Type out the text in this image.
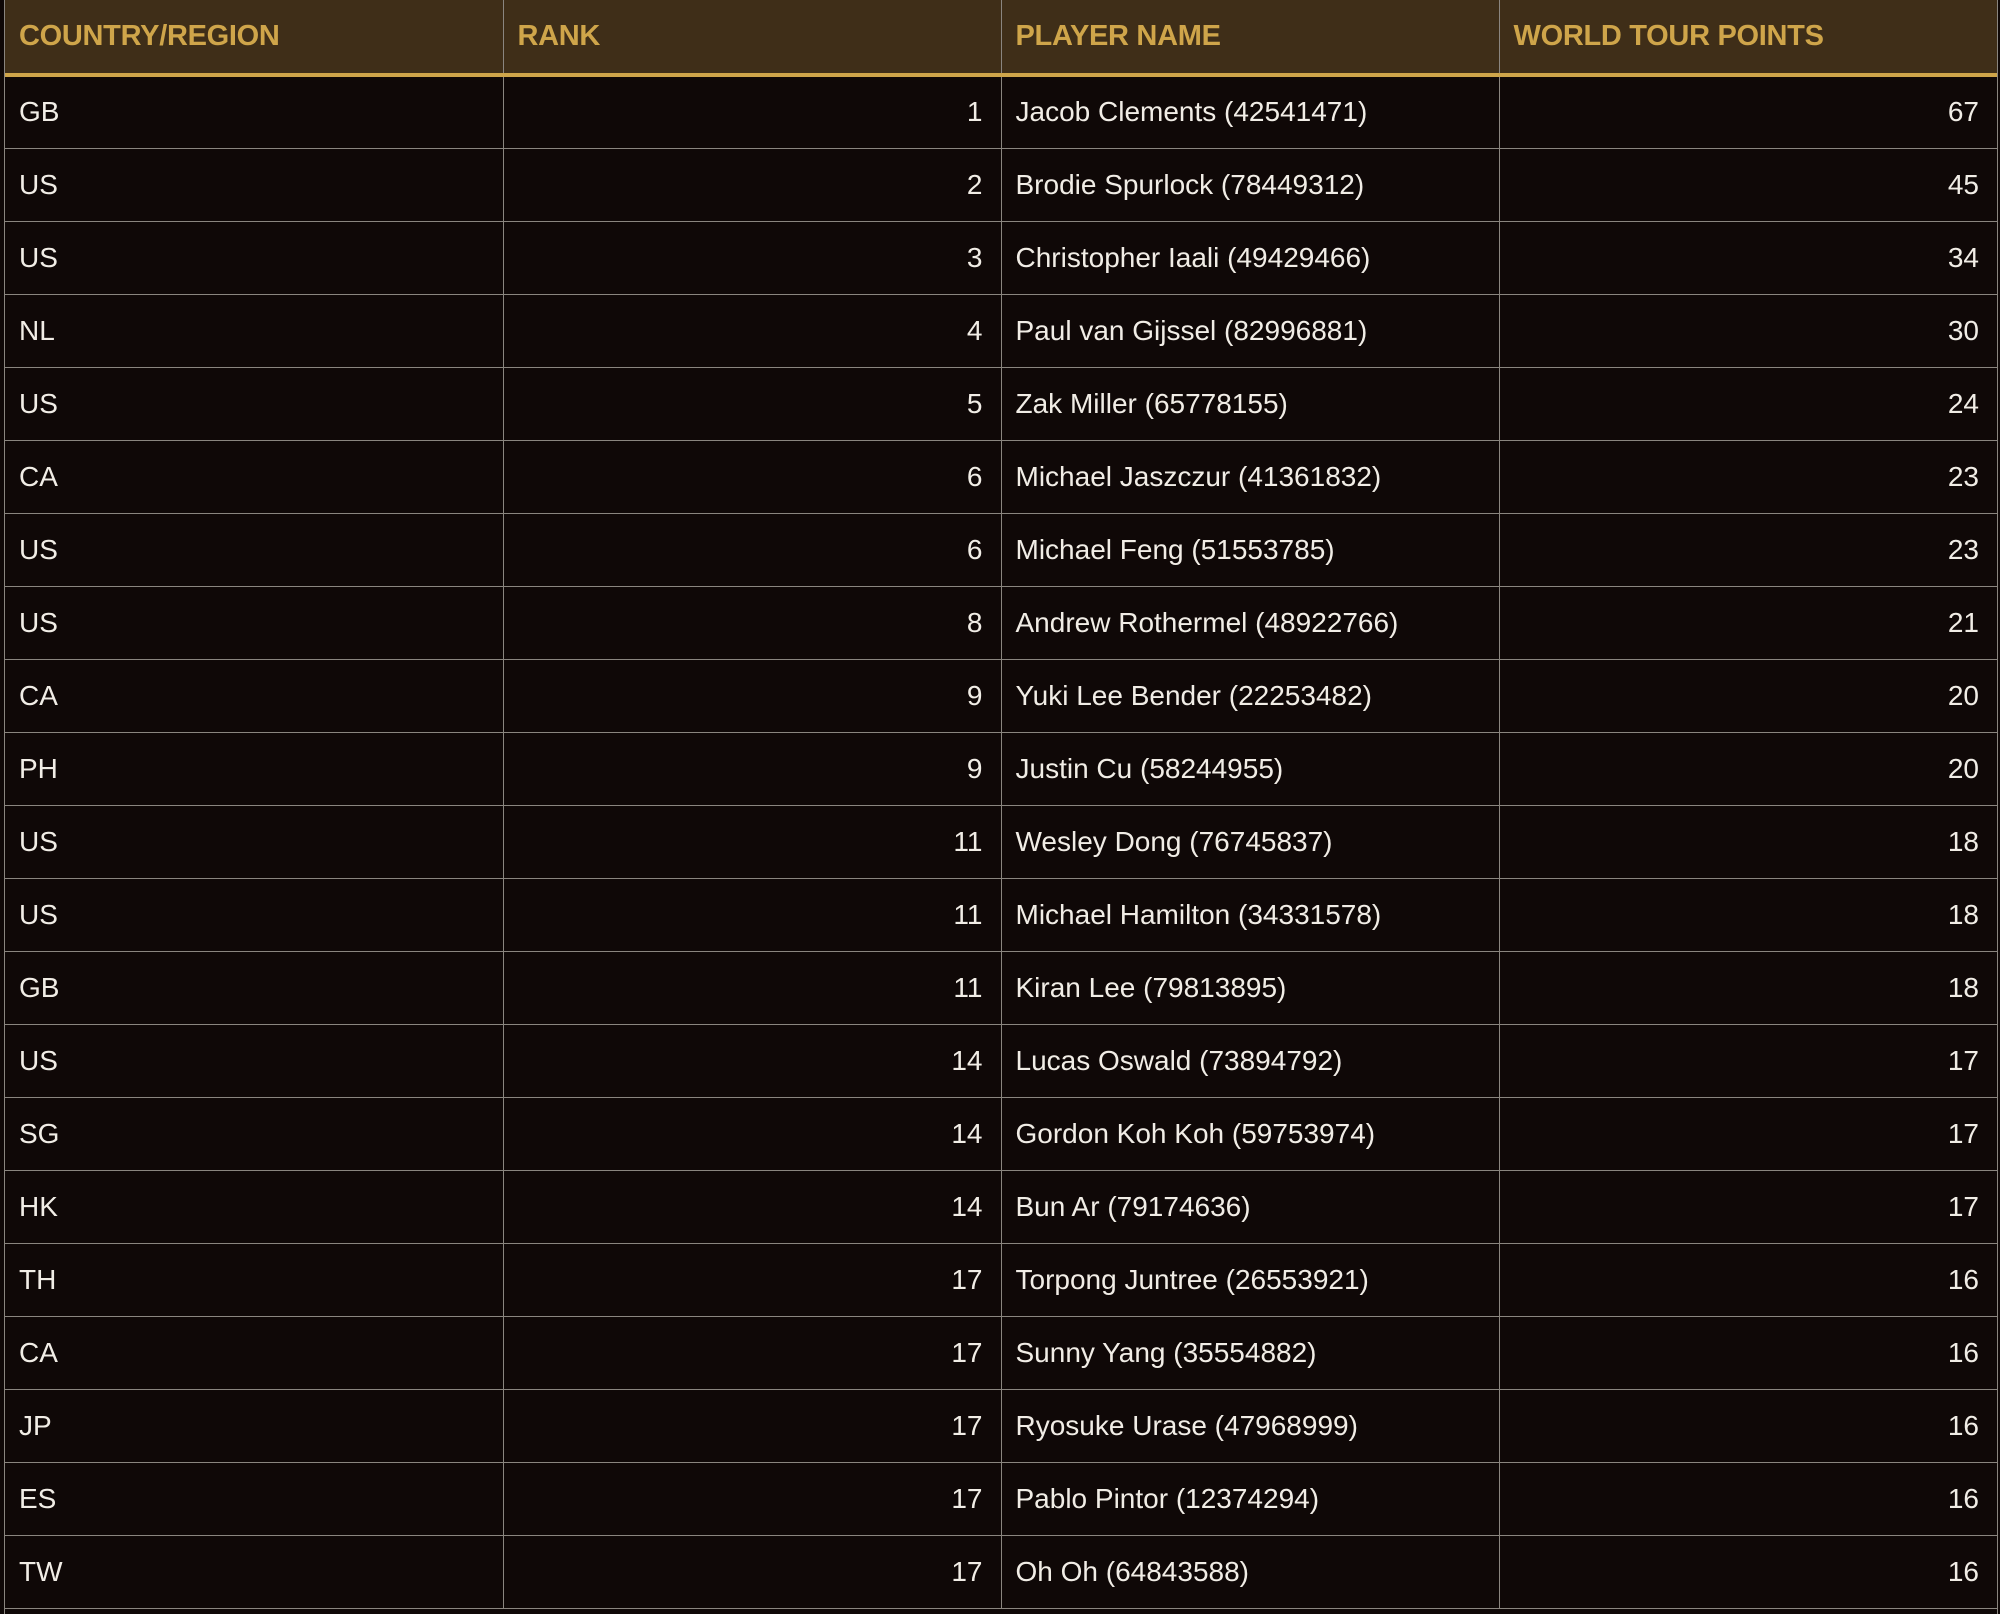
COUNTRY/REGION	RANK	PLAYER NAME	WORLD TOUR POINTS
GB	1	Jacob Clements (42541471)	67
US	2	Brodie Spurlock (78449312)	45
US	3	Christopher Iaali (49429466)	34
NL	4	Paul van Gijssel (82996881)	30
US	5	Zak Miller (65778155)	24
CA	6	Michael Jaszczur (41361832)	23
US	6	Michael Feng (51553785)	23
US	8	Andrew Rothermel (48922766)	21
CA	9	Yuki Lee Bender (22253482)	20
PH	9	Justin Cu (58244955)	20
US	11	Wesley Dong (76745837)	18
US	11	Michael Hamilton (34331578)	18
GB	11	Kiran Lee (79813895)	18
US	14	Lucas Oswald (73894792)	17
SG	14	Gordon Koh Koh (59753974)	17
HK	14	Bun Ar (79174636)	17
TH	17	Torpong Juntree (26553921)	16
CA	17	Sunny Yang (35554882)	16
JP	17	Ryosuke Urase (47968999)	16
ES	17	Pablo Pintor (12374294)	16
TW	17	Oh Oh (64843588)	16
